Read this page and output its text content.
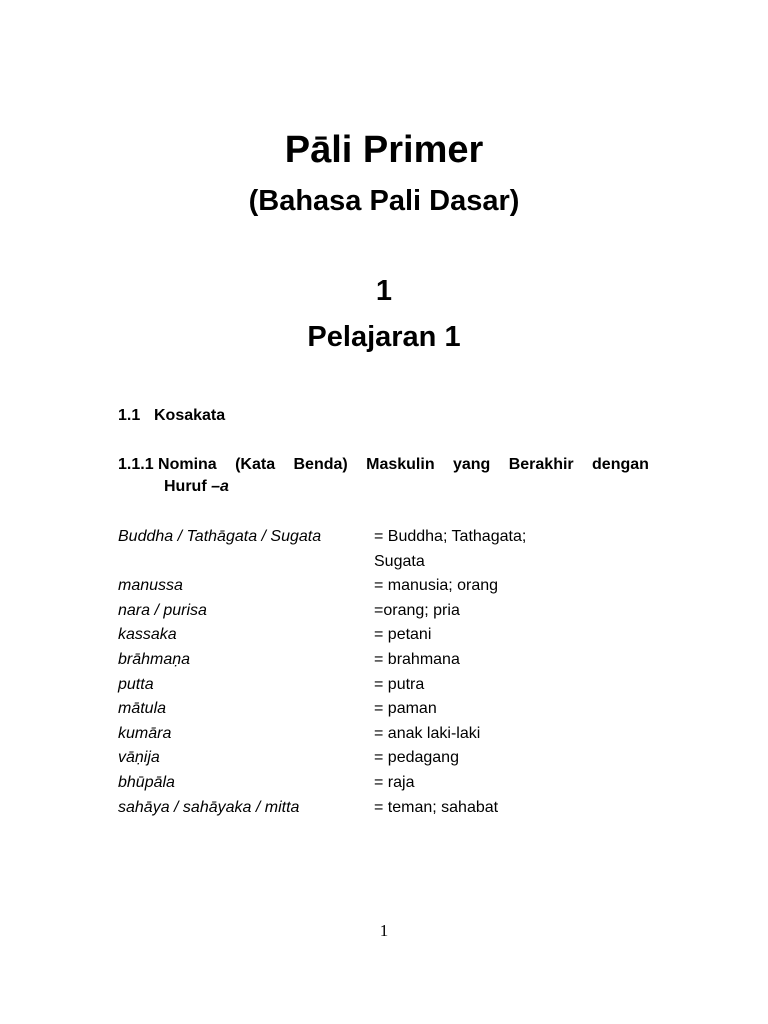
Pāli Primer
(Bahasa Pali Dasar)
1
Pelajaran 1
1.1 Kosakata
1.1.1 Nomina (Kata Benda) Maskulin yang Berakhir dengan
Huruf –a
Buddha / Tathāgata / Sugata	= Buddha; Tathagata;
Sugata
manussa	= manusia; orang
nara / purisa	=orang; pria
kassaka	= petani
brāhmaṇa	= brahmana
putta	= putra
mātula	= paman
kumāra	= anak laki-laki
vāṇija	= pedagang
bhūpāla	= raja
sahāya / sahāyaka / mitta	= teman; sahabat
1
